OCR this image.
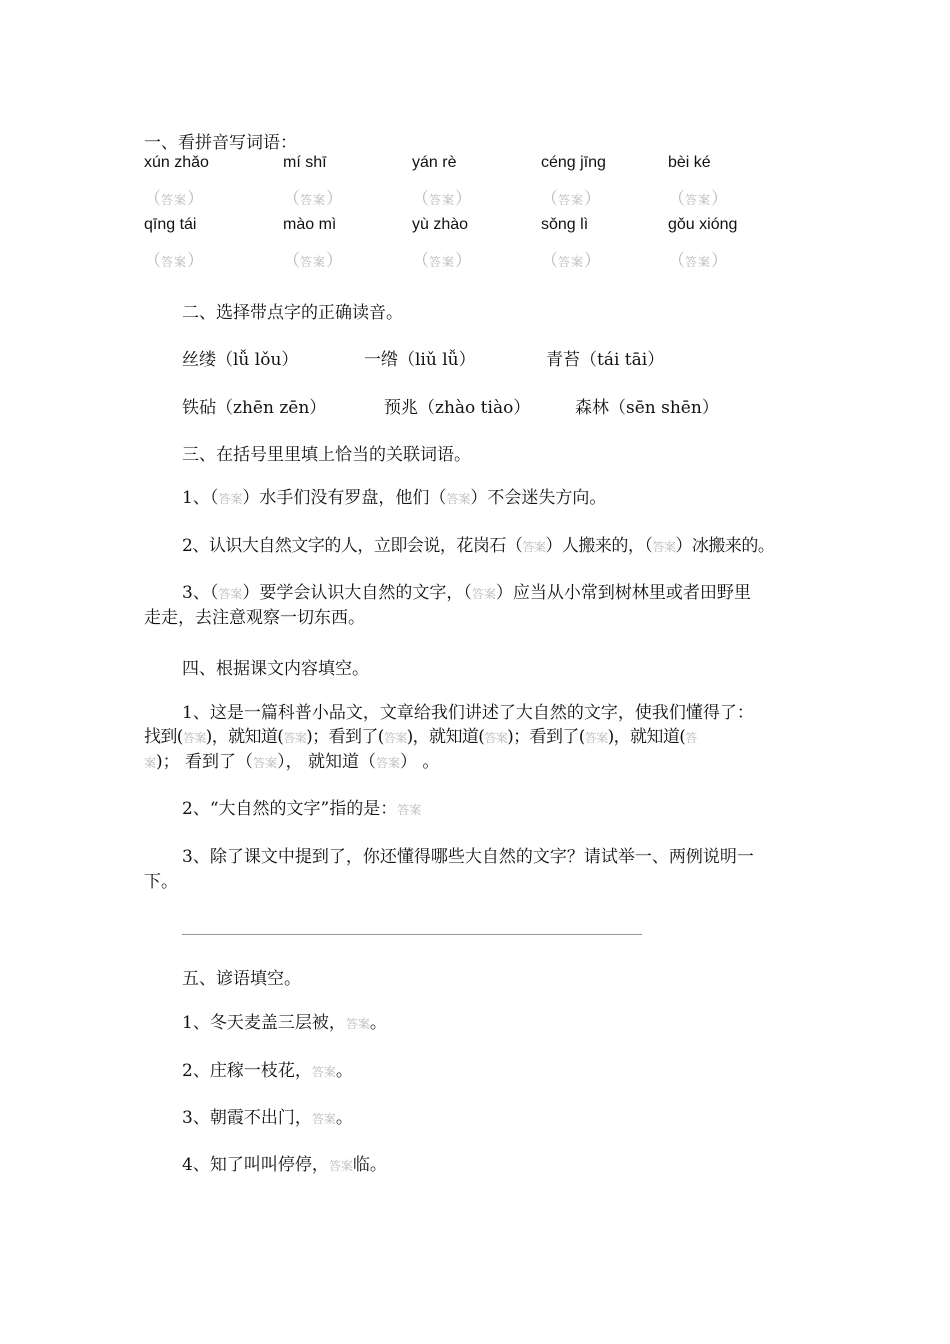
一、看拼音写词语：
xún zhǎo	mí shī	yán rè	céng jīng	bèi ké
（答案）	（答案）	（答案）	（答案）	（答案）
qīng tái	mào mì	yù zhào	sǒng lì	gǒu xióng
（答案）	（答案）	（答案）	（答案）	（答案）
二、选择带点字的正确读音。
丝缕（lǚ lǒu）	一绺（liǔ lǚ）	青苔（tái tāi）
铁砧（zhēn zēn）	预兆（zhào tiào）	森林（sēn shēn）
三、在括号里里填上恰当的关联词语。
1、（答案）水手们没有罗盘，他们（答案）不会迷失方向。
2、认识大自然文字的人，立即会说，花岗石（答案）人搬来的，（答案）冰搬来的。
3、（答案）要学会认识大自然的文字，（答案）应当从小常到树林里或者田野里
走走，去注意观察一切东西。
四、根据课文内容填空。
1、这是一篇科普小品文，文章给我们讲述了大自然的文字，使我们懂得了：
找到(答案)，就知道(答案)；看到了(答案)，就知道(答案)；看到了(答案)，就知道(答
案)； 看到了（答案）， 就知道（答案） 。
2、“大自然的文字”指的是：答案
3、除了课文中提到了，你还懂得哪些大自然的文字？请试举一、两例说明一
下。
五、谚语填空。
1、冬天麦盖三层被，答案。
2、庄稼一枝花，答案。
3、朝霞不出门，答案。
4、知了叫叫停停，答案临。
